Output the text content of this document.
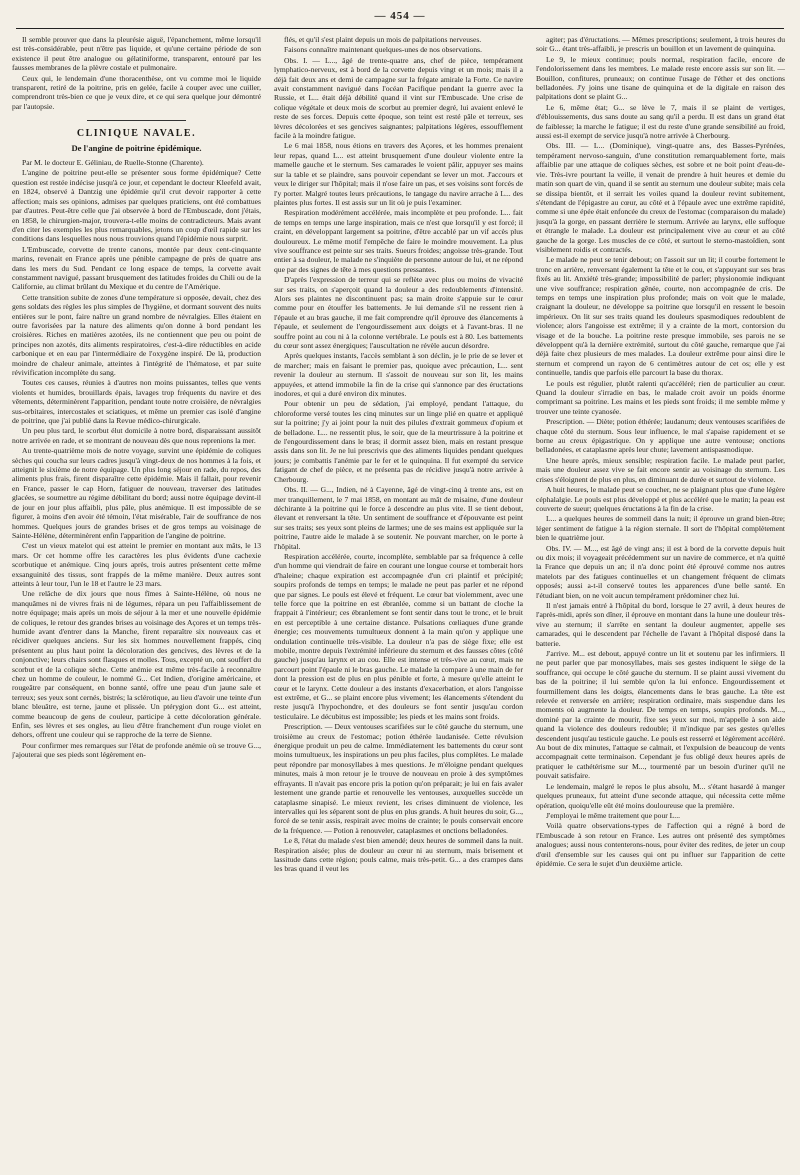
— 454 —

Il semble prouver que dans la pleurésie aiguë, l'épanchement, même lorsqu'il est très-considérable, peut n'être pas liquide, et qu'une certaine période de son existence il peut être analogue ou gélatiniforme, transparent, entouré par les fausses membranes de la plèvre costale et pulmonaire.

Ceux qui, le lendemain d'une thoracenthèse, ont vu comme moi le liquide transparent, retiré de la poitrine, pris en gelée, facile à couper avec une cuiller, comprendront très-bien ce que je veux dire, et ce qui sera quelque jour démontré par l'autopsie.

CLINIQUE NAVALE.
De l'angine de poitrine épidémique.

Par M. le docteur E. Géliniau, de Ruelle-Stonne (Charente).

L'angine de poitrine peut-elle se présenter sous forme épidémique? Cette question est restée indécise jusqu'à ce jour, et cependant le docteur Kleefeld avait, en 1824, observé à Dantzig une épidémie qu'il crut devoir rapporter à cette affection; mais ses opinions, admises par quelques praticiens, ont été combattues par d'autres. Peut-être celle que j'ai observée à bord de l'Embuscade, dont j'étais, en 1858, le chirurgien-major, trouvera-t-elle moins de contradicteurs. Mais avant d'en citer les exemples les plus remarquables, jetons un coup d'œil rapide sur les conditions dans lesquelles nous nous trouvions quand l'épidémie nous surprit.

L'Embuscade, corvette de trente canons, montée par deux cent-cinquante marins, revenait en France après une pénible campagne de près de quatre ans dans les mers du Sud. Pendant ce long espace de temps, la corvette avait constamment navigué, passant brusquement des latitudes froides du Chili ou de la Californie, au climat brûlant du Mexique et du centre de l'Amérique.

Cette transition subite de zones d'une température si opposée, devait, chez des gens soldats des règles les plus simples de l'hygiène, et dormant souvent des nuits entières sur le pont, faire naître un grand nombre de névralgies. Elles étaient en outre favorisées par la nature des aliments qu'on donne à bord pendant les croisières. Riches en matières azotées, ils ne contiennent que peu ou point de principes non azotés, dits aliments respiratoires, c'est-à-dire réductibles en acide carbonique et en eau par l'intermédiaire de l'oxygène inspiré. De là, production moindre de chaleur animale, atteintes à l'intégrité de l'hématose, et par suite révivification incomplète du sang.

Toutes ces causes, réunies à d'autres non moins puissantes, telles que vents violents et humides, brouillards épais, lavages trop fréquents du navire et des vêtements, déterminèrent l'apparition, pendant toute notre croisière, de névralgies sus-orbitaires, intercostales et sciatiques, et même un premier cas isolé d'angine de poitrine, que j'ai publié dans la Revue médico-chirurgicale.

Un peu plus tard, le scorbut élut domicile à notre bord, disparaissant aussitôt notre arrivée en rade, et se montrant de nouveau dès que nous reprenions la mer.

Au trente-quatrième mois de notre voyage, survint une épidémie de coliques sèches qui coucha sur leurs cadres jusqu'à vingt-deux de nos hommes à la fois, et atteignit le sixième de notre équipage. Un plus long séjour en rade, du repos, des aliments plus frais, firent disparaître cette épidémie. Mais il fallait, pour revenir en France, passer le cap Horn, fatiguer de nouveau, traverser des latitudes glacées, se soumettre au régime débilitant du bord; aussi notre équipage devint-il de jour en jour plus affaibli, plus pâle, plus anémique. Il est impossible de se figurer, à moins d'en avoir été témoin, l'état misérable, l'air de souffrance de nos hommes. Quelques jours de grandes brises et de gros temps au voisinage de Sainte-Hélène, déterminèrent enfin l'apparition de l'angine de poitrine.

C'est un vieux matelot qui est atteint le premier en montant aux mâts, le 13 mars. Or cet homme offre les caractères les plus évidents d'une cachexie scorbutique et anémique. Cinq jours après, trois autres présentent cette même exsanguinité des tissus, sont frappés de la même manière. Deux autres sont atteints à leur tour, l'un le 18 et l'autre le 23 mars.

Une relâche de dix jours que nous fîmes à Sainte-Hélène, où nous ne manquâmes ni de vivres frais ni de légumes, répara un peu l'affaiblissement de notre équipage; mais après un mois de séjour à la mer et une nouvelle épidémie de coliques, le retour des grandes brises au voisinage des Açores et un temps très-humide avant d'entrer dans la Manche, firent reparaître six nouveaux cas et récidiver quelques anciens. Sur les six hommes nouvellement frappés, cinq présentent au plus haut point la décoloration des gencives, des lèvres et de la conjonctive; leurs chairs sont flasques et molles. Tous, excepté un, ont souffert du scorbut et de la colique sèche. Cette anémie est même très-facile à reconnaître chez un homme de couleur, le nommé G... Cet Indien, d'origine américaine, et rougeâtre par conséquent, en bonne santé, offre une peau d'un jaune sale et terreux; ses yeux sont cernés, bistrés; la sclérotique, au lieu d'avoir une teinte d'un blanc bleuâtre, est terne, jaune et plissée. Un ptérygion dont G... est atteint, comme beaucoup de gens de couleur, participe à cette décoloration générale. Enfin, ses lèvres et ses ongles, au lieu d'être franchement d'un rouge violet en dehors, offrent une couleur qui se rapproche de la terre de Sienne.

Pour confirmer mes remarques sur l'état de profonde anémie où se trouve G..., j'ajouterai que ses pieds sont légèrement en-

flés, et qu'il s'est plaint depuis un mois de palpitations nerveuses.

Faisons connaître maintenant quelques-unes de nos observations.

Obs. I. — L..., âgé de trente-quatre ans, chef de pièce, tempérament lymphatico-nerveux, est à bord de la corvette depuis vingt et un mois; mais il a déjà fait deux ans et demi de campagne sur la frégate amirale la Forte. Ce navire avait constamment navigué dans l'océan Pacifique pendant la guerre avec la Russie, et L... était déjà débilité quand il vint sur l'Embuscade. Une crise de colique végétale et deux mois de scorbut au premier degré, lui avaient enlevé le reste de ses forces. Depuis cette époque, son teint est resté pâle et terreux, ses lèvres décolorées et ses gencives saignantes; palpitations légères, essoufflement facile à la moindre fatigue.

Le 6 mai 1858, nous étions en travers des Açores, et les hommes prenaient leur repas, quand L... est atteint brusquement d'une douleur violente entre la mamelle gauche et le sternum. Ses camarades le voient pâlir, appuyer ses mains sur la table et se plaindre, sans pouvoir cependant se lever un mot. J'accours et veux le diriger sur l'hôpital; mais il n'ose faire un pas, et ses voisins sont forcés de l'y porter. Malgré toutes leurs précautions, le tangage du navire arrache à L... des plaintes plus fortes. Il est assis sur un lit où je puis l'examiner.

Respiration modérément accélérée, mais incomplète et peu profonde. L... fait de temps en temps une large inspiration, mais ce n'est que lorsqu'il y est forcé; il craint, en développant largement sa poitrine, d'être accablé par un vif accès plus douloureux. Le même motif l'empêche de faire le moindre mouvement. La plus vive souffrance est peinte sur ses traits. Sueurs froides; angoisse très-grande. Tout entier à sa douleur, le malade ne s'inquiète de personne autour de lui, et ne répond que par des signes de tête à mes questions pressantes.

D'après l'expression de terreur qui se reflète avec plus ou moins de vivacité sur ses traits, on s'aperçoit quand la douleur a des redoublements d'intensité. Alors ses plaintes ne discontinuent pas; sa main droite s'appuie sur le cœur comme pour en étouffer les battements. Je lui demande s'il ne ressent rien à l'épaule et au bras gauche, il me fait comprendre qu'il éprouve des élancements à l'épaule, et seulement de l'engourdissement aux doigts et à l'avant-bras. Il ne souffre point au cou ni à la colonne vertébrale. Le pouls est à 80. Les battements du cœur sont assez énergiques; l'auscultation ne révèle aucun désordre.

Après quelques instants, l'accès semblant à son déclin, je le prie de se lever et de marcher; mais en faisant le premier pas, quoique avec précaution, L... sent revenir la douleur au sternum. Il s'assoit de nouveau sur son lit, les mains appuyées, et attend immobile la fin de la crise qui s'annonce par des éructations inodores, et qui a duré environ dix minutes.

Pour obtenir un peu de sédation, j'ai employé, pendant l'attaque, du chloroforme versé toutes les cinq minutes sur un linge plié en quatre et appliqué sur la poitrine; j'y ai joint pour la nuit des pilules d'extrait gommeux d'opium et de belladone. L... ne ressentit plus, le soir, que de la meurtrissure à la poitrine et de l'engourdissement dans le bras; il dormit assez bien, mais en restant presque assis dans son lit. Je ne lui prescrivis que des aliments liquides pendant quelques jours; je combattis l'anémie par le fer et le quinquina. Il fut exempté du service fatigant de chef de pièce, et ne présenta pas de récidive jusqu'à notre arrivée à Cherbourg.

Obs. II. — G..., Indien, né à Cayenne, âgé de vingt-cinq à trente ans, est en mer tranquillement, le 7 mai 1858, en montant au mât de misaine, d'une douleur déchirante à la poitrine qui le force à descendre au plus vite. Il se tient debout, élevant et renversant la tête. Un sentiment de souffrance et d'épouvante est peint sur ses traits; ses yeux sont pleins de larmes; une de ses mains est appliquée sur la poitrine, l'autre aide le malade à se soutenir. Ne pouvant marcher, on le porte à l'hôpital.

Respiration accélérée, courte, incomplète, semblable par sa fréquence à celle d'un homme qui viendrait de faire en courant une longue course et tomberait hors d'haleine; chaque expiration est accompagnée d'un cri plaintif et précipité; soupirs profonds de temps en temps; le malade ne peut pas parler et ne répond que par signes. Le pouls est élevé et fréquent. Le cœur bat violemment, avec une telle force que la poitrine en est ébranlée, comme si un battant de cloche la frappait à l'intérieur; ces ébranlement se font sentir dans tout le tronc, et le bruit en est perceptible à une certaine distance. Pulsations cœliaques d'une grande énergie; ces mouvements tumultueux donnent à la main qu'on y applique une ondulation continuelle très-visible. La douleur n'a pas de siège fixe; elle est mobile, montre depuis l'extrémité inférieure du sternum et des fausses côtes (côté gauche) jusqu'au larynx et au cou. Elle est intense et très-vive au cœur, mais ne parcourt point l'épaule ni le bras gauche. Le malade la compare à une main de fer dont la pression est de plus en plus pénible et forte, à mesure qu'elle atteint le cœur et le larynx. Cette douleur a des instants d'exacerbation, et alors l'angoisse est extrême, et G... se plaint encore plus vivement; les élancements s'étendent du reste jusqu'à l'hypochondre, et des douleurs se font sentir jusqu'au cordon testiculaire. Le décubitus est impossible; les pieds et les mains sont froids.

Prescription. — Deux ventouses scarifiées sur le côté gauche du sternum, une troisième au creux de l'estomac; potion éthérée laudanisée. Cette révulsion énergique produit un peu de calme. Immédiatement les battements du cœur sont moins tumultueux, les inspirations un peu plus faciles, plus complètes. Le malade peut répondre par monosyllabes à mes questions. Je m'éloigne pendant quelques minutes, mais à mon retour je le trouve de nouveau en proie à des symptômes effrayants. Il n'avait pas encore pris la potion qu'on préparait; je lui en fais avaler lestement une grande partie et renouvelle les ventouses, auxquelles succède un cataplasme sinapisé. Le mieux revient, les crises diminuent de violence, les intervalles qui les séparent sont de plus en plus grands. A huit heures du soir, G..., forcé de se tenir assis, respirait avec moins de crainte; le pouls conservait encore de la fréquence. — Potion à renouveler, cataplasmes et onctions belladonées.

Le 8, l'état du malade s'est bien amendé; deux heures de sommeil dans la nuit. Respiration aisée; plus de douleur au cœur ni au sternum, mais brisement et lassitude dans cette région; pouls calme, mais très-petit. G... a des crampes dans les bras quand il veut les

agiter; pas d'éructations. — Mêmes prescriptions; seulement, à trois heures du soir G... étant très-affaibli, je prescris un bouillon et un lavement de quinquina.

Le 9, le mieux continue; pouls normal, respiration facile, encore de l'endolorissement dans les membres. Le malade reste encore assis sur son lit. — Bouillon, confitures, pruneaux; on continue l'usage de l'éther et des onctions belladonées. J'y joins une tisane de quinquina et de la digitale en raison des palpitations dont se plaint G...

Le 6, même état; G... se lève le 7, mais il se plaint de vertiges, d'éblouissements, dus sans doute au sang qu'il a perdu. Il est dans un grand état de faiblesse; la marche le fatigue; il est du reste d'une grande sensibilité au froid, aussi est-il exempt de service jusqu'à notre arrivée à Cherbourg.

Obs. III. — L... (Dominique), vingt-quatre ans, des Basses-Pyrénées, tempérament nervoso-sanguin, d'une constitution remarquablement forte, mais affaiblie par une attaque de coliques sèches, est sobre et ne boit point d'eau-de-vie. Très-ivre pourtant la veille, il venait de prendre à huit heures et demie du matin son quart de vin, quand il se sentit au sternum une douleur subite; mais cela se dissipa bientôt, et il serrait les voiles quand la douleur revint subitement, s'étendant de l'épigastre au cœur, au côté et à l'épaule avec une extrême rapidité, comme si une épée était enfoncée du creux de l'estomac (comparaison du malade) jusqu'à la gorge, en passant derrière le sternum. Arrivée au larynx, elle suffoque et étrangle le malade. La douleur est principalement vive au cœur et au côté gauche de la gorge. Les muscles de ce côté, et surtout le sterno-mastoïdien, sont visiblement roidis et contractés.

Le malade ne peut se tenir debout; on l'assoit sur un lit; il courbe fortement le tronc en arrière, renversant également la tête et le cou, et s'appuyant sur ses bras fixés au lit. Anxiété très-grande; impossibilité de parler; physionomie indiquant une vive souffrance; respiration gênée, courte, non accompagnée de cris. De temps en temps une inspiration plus profonde; mais on voit que le malade, craignant la douleur, ne développe sa poitrine que lorsqu'il en ressent le besoin impérieux. On lit sur ses traits quand les douleurs spasmodiques redoublent de violence; alors l'angoisse est extrême; il y a crainte de la mort, contorsion du visage et de la bouche. La poitrine reste presque immobile, ses parois ne se développent qu'à la dernière extrémité, surtout du côté gauche, remarque que j'ai déjà faite chez plusieurs de mes malades. La douleur extrême pour ainsi dire le sternum et comprend un rayon de 6 centimètres autour de cet os; elle y est continuelle, tandis que parfois elle parcourt la base du thorax.

Le pouls est régulier, plutôt ralenti qu'accéléré; rien de particulier au cœur. Quand la douleur s'irradie en bas, le malade croit avoir un poids énorme comprimant sa poitrine. Les mains et les pieds sont froids; il me semble même y trouver une teinte cyanosée.

Prescription. — Diète; potion éthérée; laudanum; deux ventouses scarifiées de chaque côté du sternum. Sous leur influence, le mal s'apaise rapidement et se borne au creux épigastrique. On y applique une autre ventouse; onctions belladonées, et cataplasme après leur chute; lavement antispasmodique.

Une heure après, mieux sensible; respiration facile. Le malade peut parler, mais une douleur assez vive se fait encore sentir au voisinage du sternum. Les crises s'éloignent de plus en plus, en diminuant de durée et surtout de violence.

A huit heures, le malade peut se coucher, ne se plaignant plus que d'une légère céphalalgie. Le pouls est plus développé et plus accéléré que le matin; la peau est couverte de sueur; quelques éructations à la fin de la crise.

L... a quelques heures de sommeil dans la nuit; il éprouve un grand bien-être; léger sentiment de fatigue à la région sternale. Il sort de l'hôpital complètement bien le quatrième jour.

Obs. IV. — M..., est âgé de vingt ans; il est à bord de la corvette depuis huit ou dix mois; il voyageait précédemment sur un navire de commerce, et n'a quitté la France que depuis un an; il n'a donc point été éprouvé comme nos autres matelots par des fatigues continuelles et un changement fréquent de climats opposés; aussi a-t-il conservé toutes les apparences d'une belle santé. En l'étudiant bien, on ne voit aucun tempérament prédominer chez lui.

Il n'est jamais entré à l'hôpital du bord, lorsque le 27 avril, à deux heures de l'après-midi, après son dîner, il éprouve en montant dans la hune une douleur très-vive au sternum; il s'arrête en sentant la douleur augmenter, appelle ses camarades, qui le descendent par l'échelle de l'avant à l'hôpital disposé dans la batterie.

J'arrive. M... est debout, appuyé contre un lit et soutenu par les infirmiers. Il ne peut parler que par monosyllabes, mais ses gestes indiquent le siège de la souffrance, qui occupe le côté gauche du sternum. Il se plaint aussi vivement du bas de la poitrine; il lui semble qu'on la lui enfonce. Engourdissement et fourmillement dans les doigts, élancements dans le bras gauche. La tête est relevée et renversée en arrière; respiration ordinaire, mais suspendue dans les moments où augmente la douleur. De temps en temps, soupirs profonds. M..., dominé par la crainte de mourir, fixe ses yeux sur moi, m'appelle à son aide quand la violence des douleurs redouble; il m'indique par ses gestes qu'elles descendent jusqu'au testicule gauche. Le pouls est resserré et légèrement accéléré. Au bout de dix minutes, l'attaque se calmait, et l'expulsion de beaucoup de vents accompagnait cette terminaison. Cependant je fus obligé deux heures après de pratiquer le cathétérisme sur M..., tourmenté par un besoin d'uriner qu'il ne pouvait satisfaire.

Le lendemain, malgré le repos le plus absolu, M... s'étant hasardé à manger quelques pruneaux, fut atteint d'une seconde attaque, qui nécessita cette même opération, quoiqu'elle eût été moins douloureuse que la première.

J'employai le même traitement que pour L...

Voilà quatre observations-types de l'affection qui a régné à bord de l'Embuscade à son retour en France. Les autres ont présenté des symptômes analogues; aussi nous contenterons-nous, pour éviter des redites, de jeter un coup d'œil d'ensemble sur les causes qui ont pu influer sur l'apparition de cette épidémie. Ce sera le sujet d'un deuxième article.
